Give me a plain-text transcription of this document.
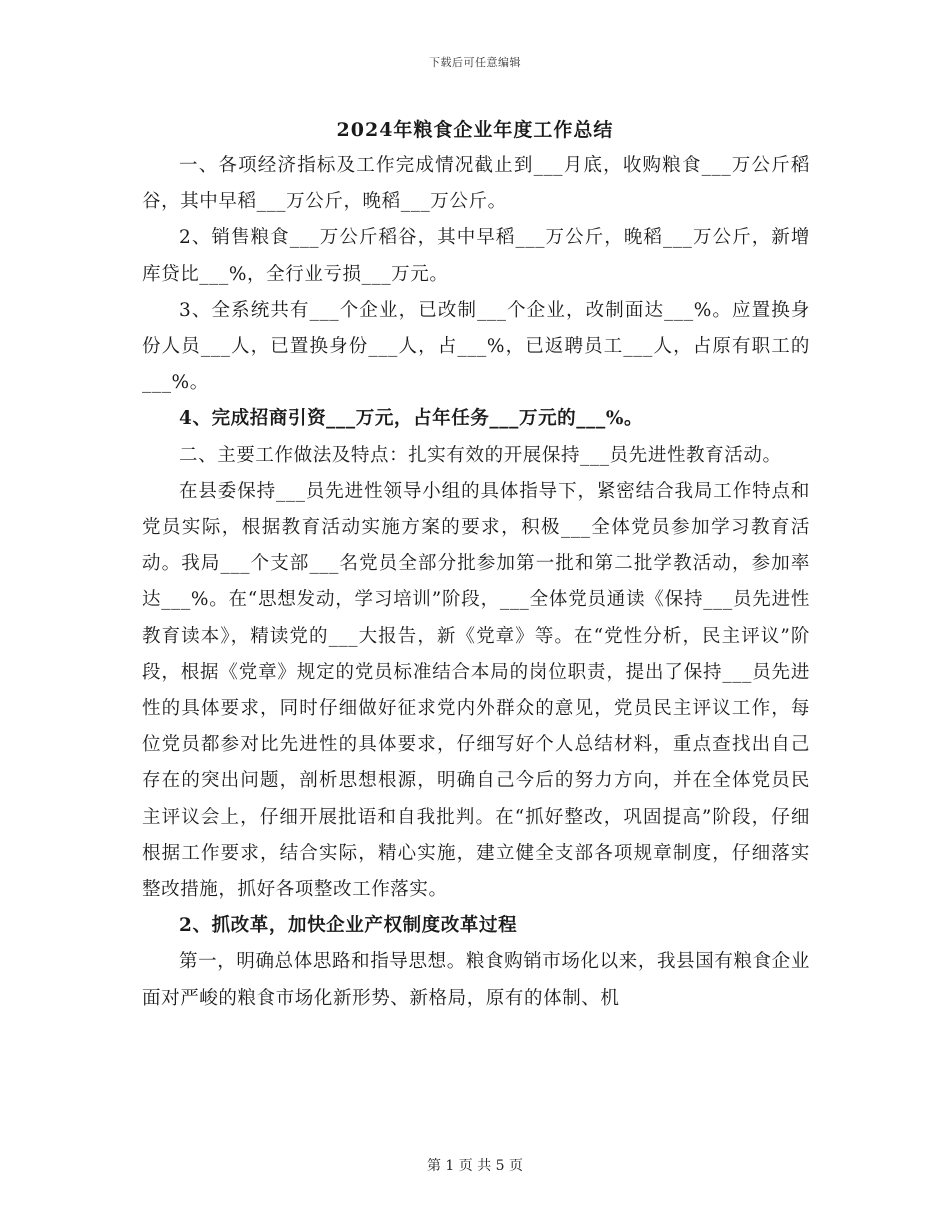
下载后可任意编辑
2024年粮食企业年度工作总结

一、各项经济指标及工作完成情况截止到___月底，收购粮食___万公斤稻谷，其中早稻___万公斤，晚稻___万公斤。

2、销售粮食___万公斤稻谷，其中早稻___万公斤，晚稻___万公斤，新增库贷比___%，全行业亏损___万元。

3、全系统共有___个企业，已改制___个企业，改制面达___%。应置换身份人员___人，已置换身份___人，占___%，已返聘员工___人，占原有职工的___%。

4、完成招商引资___万元，占年任务___万元的___%。

二、主要工作做法及特点：扎实有效的开展保持___员先进性教育活动。

在县委保持___员先进性领导小组的具体指导下，紧密结合我局工作特点和党员实际，根据教育活动实施方案的要求，积极___全体党员参加学习教育活动。我局___个支部___名党员全部分批参加第一批和第二批学教活动，参加率达___%。在“思想发动，学习培训”阶段，___全体党员通读《保持___员先进性教育读本》，精读党的___大报告，新《党章》等。在“党性分析，民主评议”阶段，根据《党章》规定的党员标准结合本局的岗位职责，提出了保持___员先进性的具体要求，同时仔细做好征求党内外群众的意见，党员民主评议工作，每位党员都参对比先进性的具体要求，仔细写好个人总结材料，重点查找出自己存在的突出问题，剖析思想根源，明确自己今后的努力方向，并在全体党员民主评议会上，仔细开展批语和自我批判。在“抓好整改，巩固提高”阶段，仔细根据工作要求，结合实际，精心实施，建立健全支部各项规章制度，仔细落实整改措施，抓好各项整改工作落实。

2、抓改革，加快企业产权制度改革过程

第一，明确总体思路和指导思想。粮食购销市场化以来，我县国有粮食企业面对严峻的粮食市场化新形势、新格局，原有的体制、机

第 1 页 共 5 页
